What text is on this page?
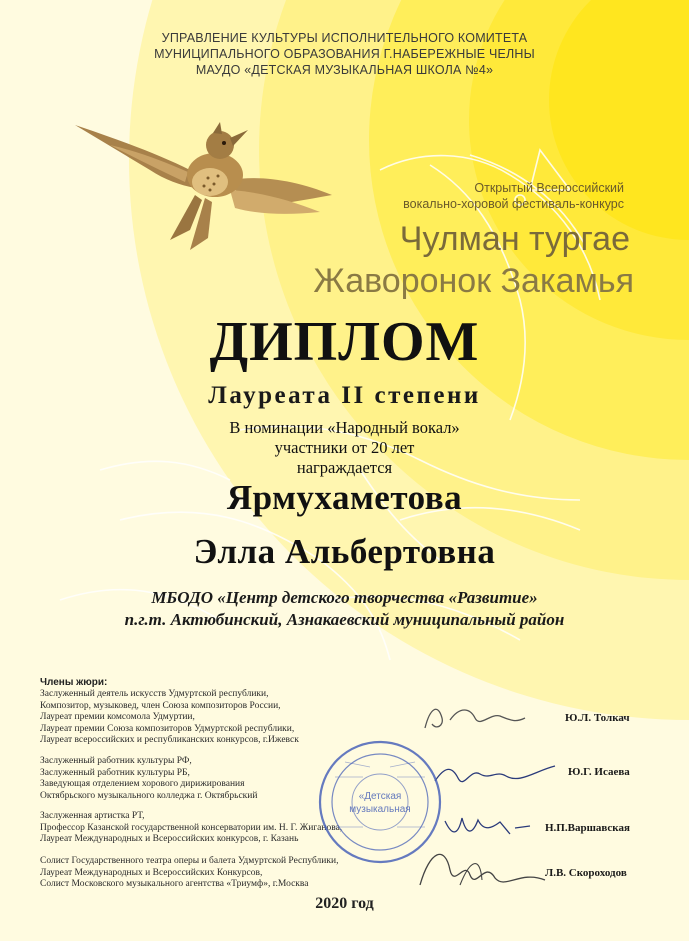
УПРАВЛЕНИЕ КУЛЬТУРЫ ИСПОЛНИТЕЛЬНОГО КОМИТЕТА
МУНИЦИПАЛЬНОГО ОБРАЗОВАНИЯ Г.НАБЕРЕЖНЫЕ ЧЕЛНЫ
МАУДО «ДЕТСКАЯ МУЗЫКАЛЬНАЯ ШКОЛА №4»
Открытый Всероссийский
вокально-хоровой фестиваль-конкурс
Чулман тургае
Жаворонок Закамья
ДИПЛОМ
Лауреата II степени
В номинации «Народный вокал»
участники от 20 лет
награждается
Ярмухаметова
Элла Альбертовна
МБОДО «Центр детского творчества «Развитие»
п.г.т. Актюбинский, Азнакаевский муниципальный район
Члены жюри:
Заслуженный деятель искусств Удмуртской республики,
Композитор, музыковед, член Союза композиторов России,
Лауреат премии комсомола Удмуртии,
Лауреат премии Союза композиторов Удмуртской республики,
Лауреат всероссийских и республиканских конкурсов, г.Ижевск
Ю.Л. Толкач
Заслуженный работник культуры РФ,
Заслуженный работник культуры РБ,
Заведующая отделением хорового дирижирования
Октябрьского музыкального колледжа г. Октябрьский
Ю.Г. Исаева
Заслуженная артистка РТ,
Профессор Казанской государственной консерватории им. Н. Г. Жиганова,
Лауреат Международных и Всероссийских конкурсов, г. Казань
Н.П.Варшавская
Солист Государственного театра оперы и балета Удмуртской Республики,
Лауреат Международных и Всероссийских Конкурсов,
Солист Московского музыкального агентства «Триумф», г.Москва
Л.В. Скороходов
«Детская
музыкальная
2020 год
